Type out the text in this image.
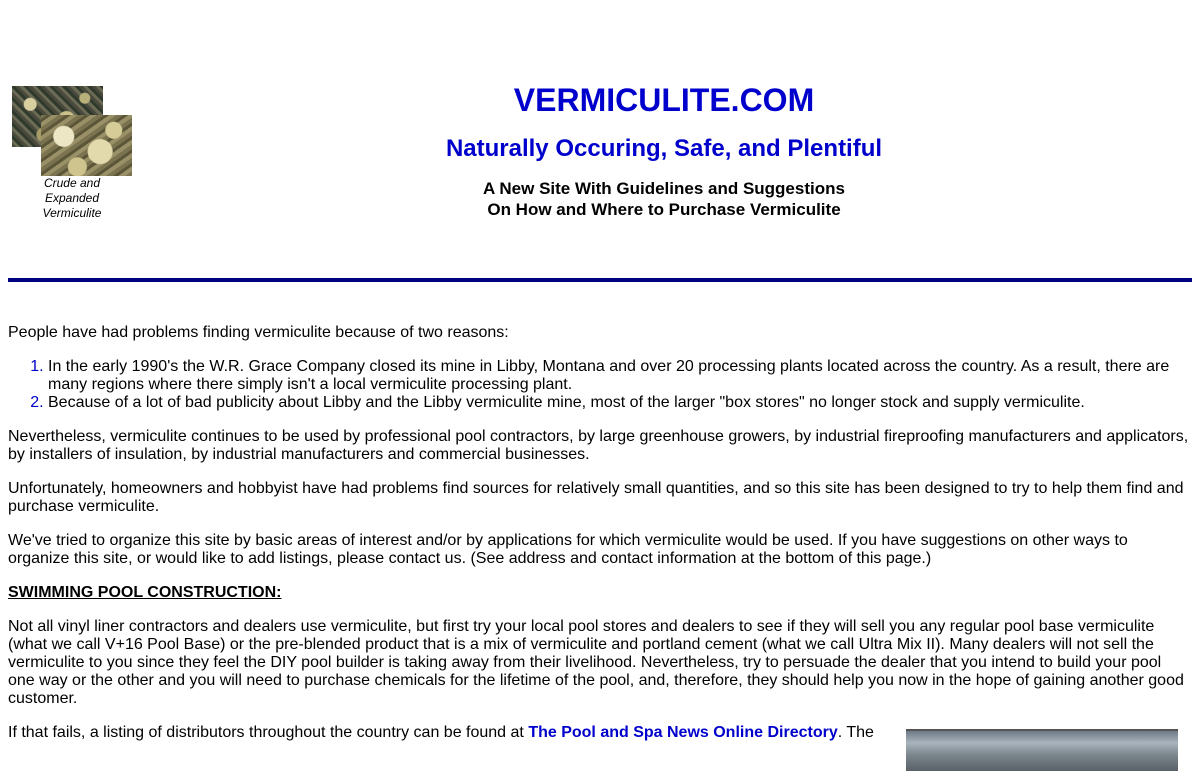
Crude and
Expanded
Vermiculite
VERMICULITE.COM
Naturally Occuring, Safe, and Plentiful
A New Site With Guidelines and Suggestions
On How and Where to Purchase Vermiculite

People have had problems finding vermiculite because of two reasons:

1. In the early 1990's the W.R. Grace Company closed its mine in Libby, Montana and over 20 processing plants located across the country. As a result, there are many regions where there simply isn't a local vermiculite processing plant.
2. Because of a lot of bad publicity about Libby and the Libby vermiculite mine, most of the larger "box stores" no longer stock and supply vermiculite.

Nevertheless, vermiculite continues to be used by professional pool contractors, by large greenhouse growers, by industrial fireproofing manufacturers and applicators, by installers of insulation, by industrial manufacturers and commercial businesses.

Unfortunately, homeowners and hobbyist have had problems find sources for relatively small quantities, and so this site has been designed to try to help them find and purchase vermiculite.

We've tried to organize this site by basic areas of interest and/or by applications for which vermiculite would be used. If you have suggestions on other ways to organize this site, or would like to add listings, please contact us. (See address and contact information at the bottom of this page.)

SWIMMING POOL CONSTRUCTION:

Not all vinyl liner contractors and dealers use vermiculite, but first try your local pool stores and dealers to see if they will sell you any regular pool base vermiculite (what we call V+16 Pool Base) or the pre-blended product that is a mix of vermiculite and portland cement (what we call Ultra Mix II). Many dealers will not sell the vermiculite to you since they feel the DIY pool builder is taking away from their livelihood. Nevertheless, try to persuade the dealer that you intend to build your pool one way or the other and you will need to purchase chemicals for the lifetime of the pool, and, therefore, they should help you now in the hope of gaining another good customer.

If that fails, a listing of distributors throughout the country can be found at The Pool and Spa News Online Directory. The
